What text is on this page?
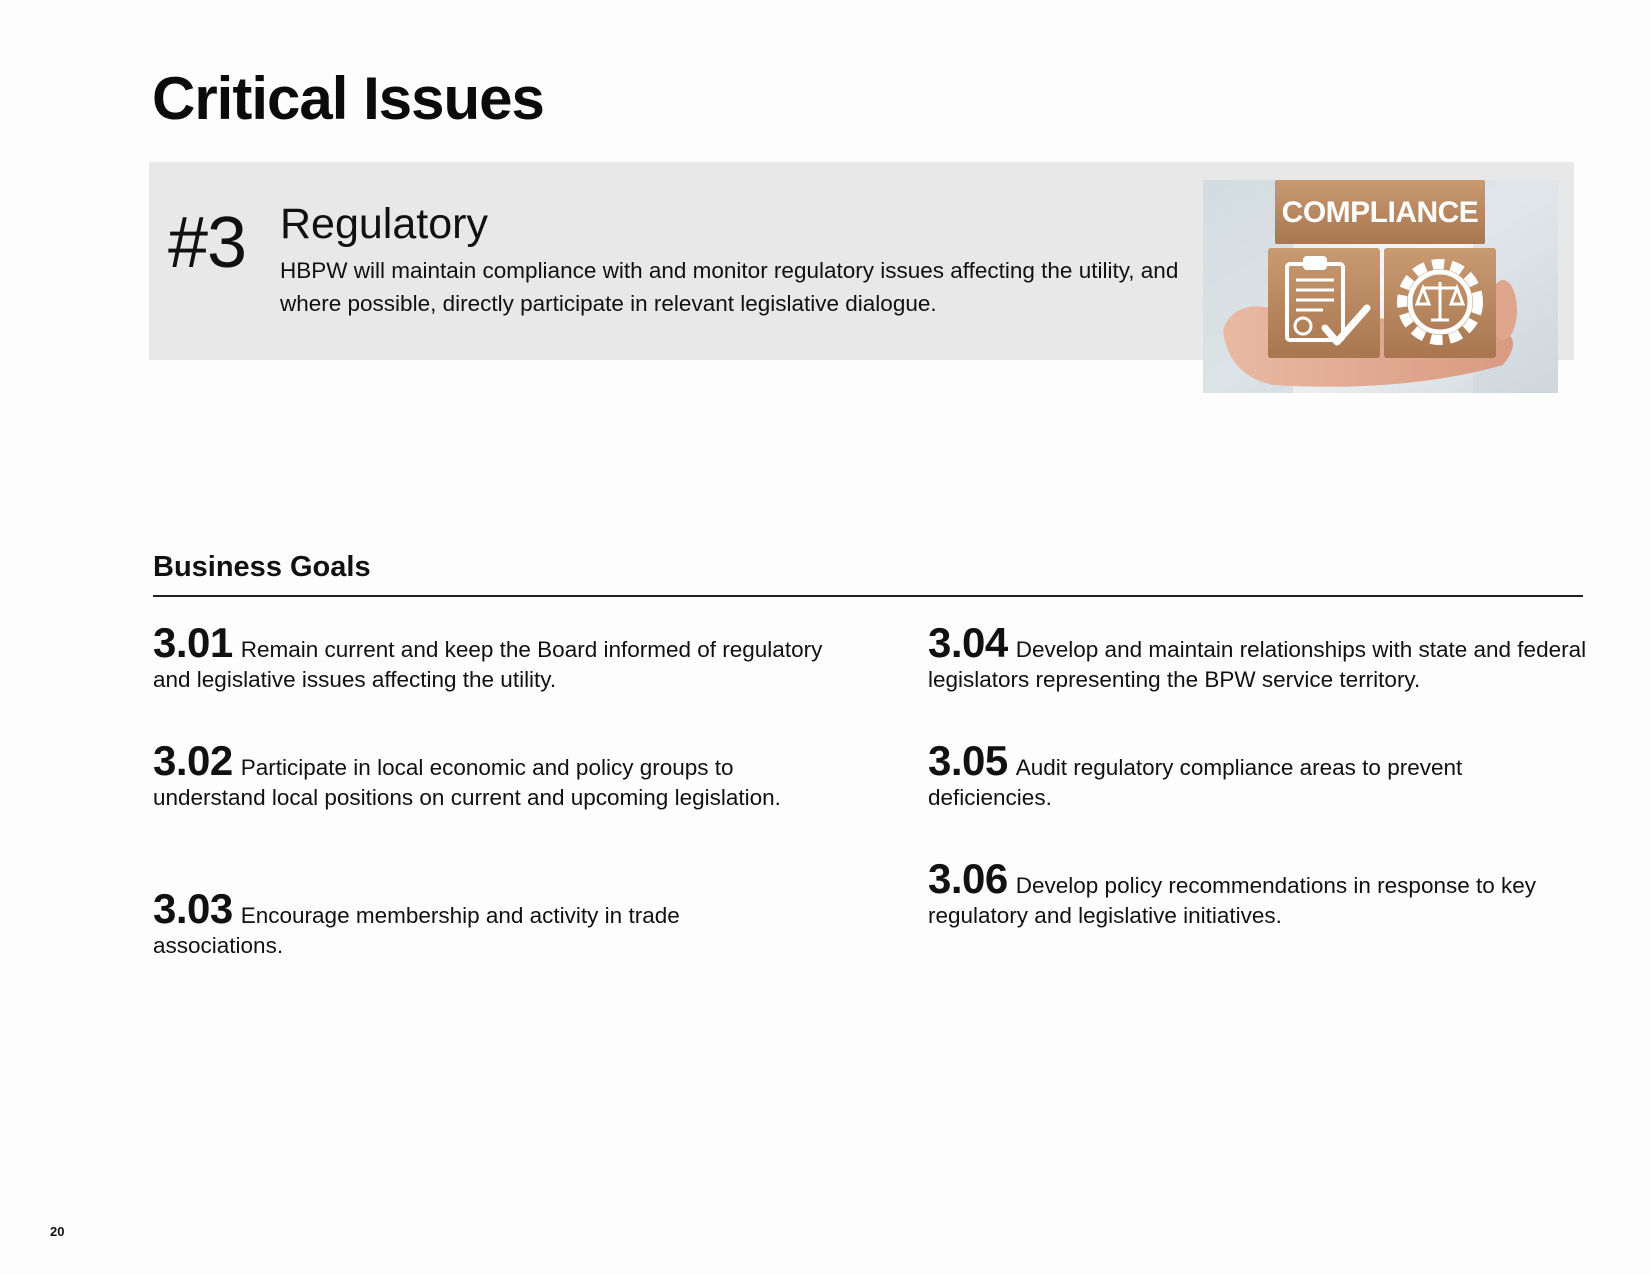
Critical Issues
#3 Regulatory

HBPW will maintain compliance with and monitor regulatory issues affecting the utility, and where possible, directly participate in relevant legislative dialogue.

COMPLIANCE
Business Goals
3.01 Remain current and keep the Board informed of regulatory and legislative issues affecting the utility.
3.02 Participate in local economic and policy groups to understand local positions on current and upcoming legislation.
3.03 Encourage membership and activity in trade associations.
3.04 Develop and maintain relationships with state and federal legislators representing the BPW service territory.
3.05 Audit regulatory compliance areas to prevent deficiencies.
3.06 Develop policy recommendations in response to key regulatory and legislative initiatives.
20
